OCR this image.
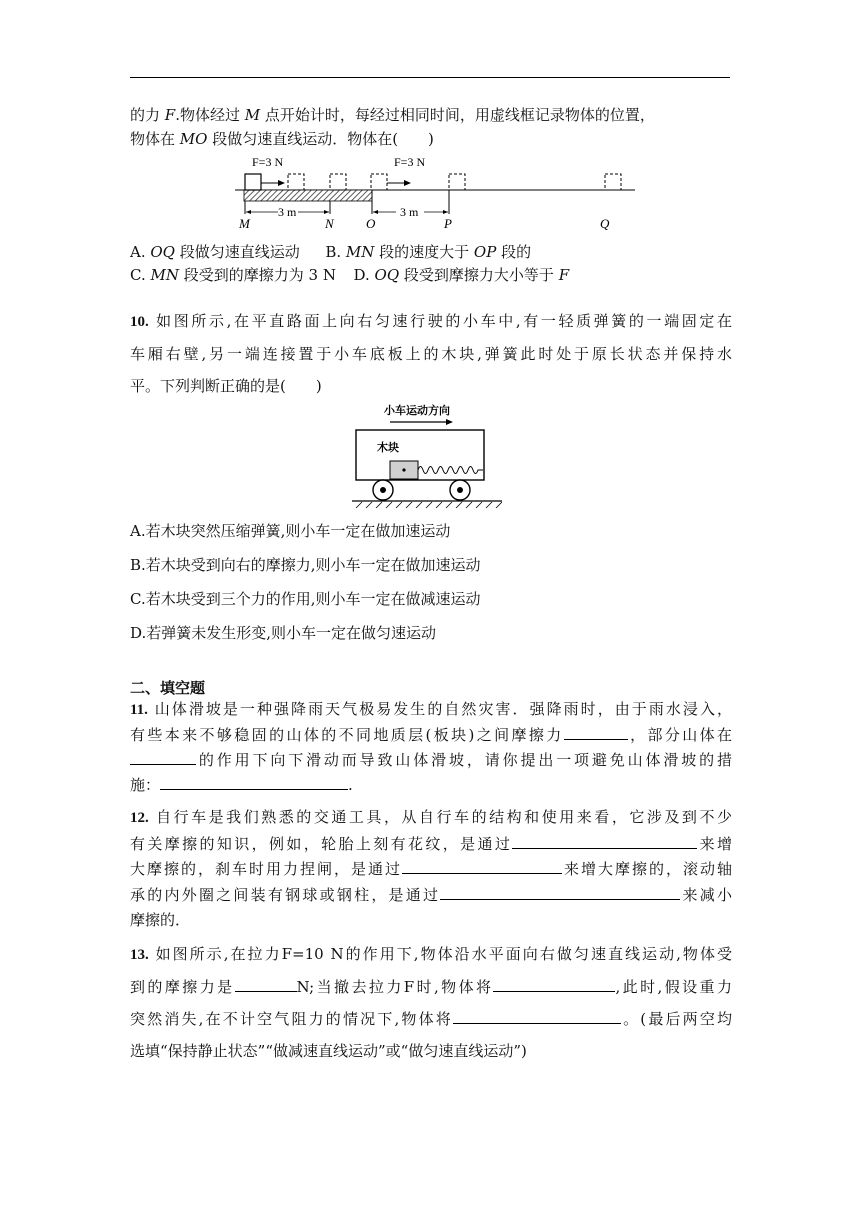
的力 F.物体经过 M 点开始计时，每经过相同时间，用虚线框记录物体的位置，
物体在 MO 段做匀速直线运动．物体在(　　)
F=3 N	F=3 N
3 m	3 m
M	N O	P	Q
A. OQ 段做匀速直线运动 B. MN 段的速度大于 OP 段的
C. MN 段受到的摩擦力为 3 N D. OQ 段受到摩擦力大小等于 F
10. 如图所示,在平直路面上向右匀速行驶的小车中,有一轻质弹簧的一端固定在
车厢右壁,另一端连接置于小车底板上的木块,弹簧此时处于原长状态并保持水
平。下列判断正确的是(　　)
小车运动方向
木块
A.若木块突然压缩弹簧,则小车一定在做加速运动
B.若木块受到向右的摩擦力,则小车一定在做加速运动
C.若木块受到三个力的作用,则小车一定在做减速运动
D.若弹簧未发生形变,则小车一定在做匀速运动
二、填空题
11. 山体滑坡是一种强降雨天气极易发生的自然灾害．强降雨时，由于雨水浸入，
有些本来不够稳固的山体的不同地质层(板块)之间摩擦力	，部分山体在
的作用下向下滑动而导致山体滑坡，请你提出一项避免山体滑坡的措
施：	.
12. 自行车是我们熟悉的交通工具，从自行车的结构和使用来看，它涉及到不少
有关摩擦的知识，例如，轮胎上刻有花纹，是通过	来增
大摩擦的，刹车时用力捏闸，是通过	来增大摩擦的，滚动轴
承的内外圈之间装有钢球或钢柱，是通过	来减小
摩擦的．
13. 如图所示,在拉力F=10 N的作用下,物体沿水平面向右做匀速直线运动,物体受
到的摩擦力是	N;当撤去拉力F时,物体将	,此时,假设重力
突然消失,在不计空气阻力的情况下,物体将	。(最后两空均
选填“保持静止状态”“做减速直线运动”或“做匀速直线运动”)
